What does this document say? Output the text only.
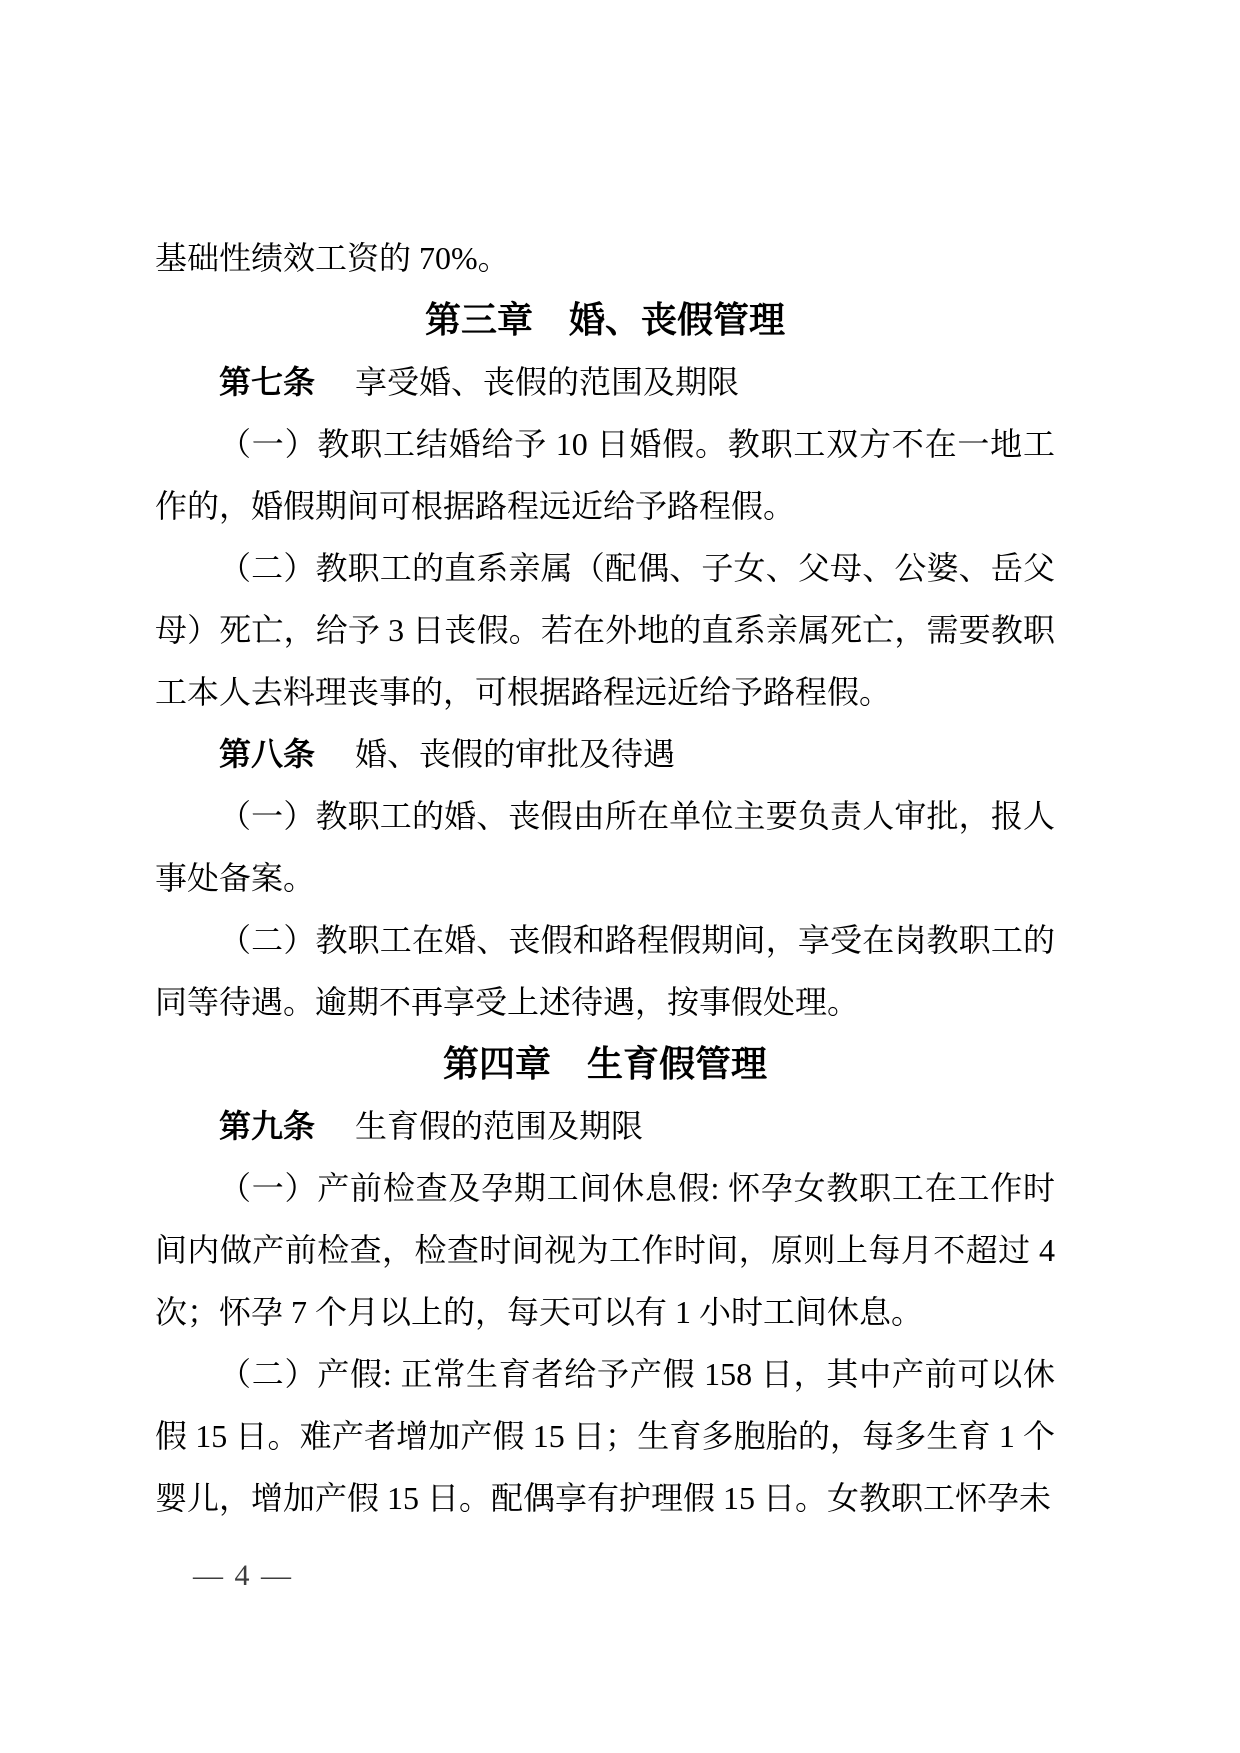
基础性绩效工资的 70%。
第三章 婚、丧假管理
第七条 享受婚、丧假的范围及期限
（一）教职工结婚给予 10 日婚假。教职工双方不在一地工作的，婚假期间可根据路程远近给予路程假。
（二）教职工的直系亲属（配偶、子女、父母、公婆、岳父母）死亡，给予 3 日丧假。若在外地的直系亲属死亡，需要教职工本人去料理丧事的，可根据路程远近给予路程假。
第八条 婚、丧假的审批及待遇
（一）教职工的婚、丧假由所在单位主要负责人审批，报人事处备案。
（二）教职工在婚、丧假和路程假期间，享受在岗教职工的同等待遇。逾期不再享受上述待遇，按事假处理。
第四章 生育假管理
第九条 生育假的范围及期限
（一）产前检查及孕期工间休息假: 怀孕女教职工在工作时间内做产前检查，检查时间视为工作时间，原则上每月不超过 4 次；怀孕 7 个月以上的，每天可以有 1 小时工间休息。
（二）产假: 正常生育者给予产假 158 日，其中产前可以休假 15 日。难产者增加产假 15 日；生育多胞胎的，每多生育 1 个婴儿，增加产假 15 日。配偶享有护理假 15 日。女教职工怀孕未
— 4 —
